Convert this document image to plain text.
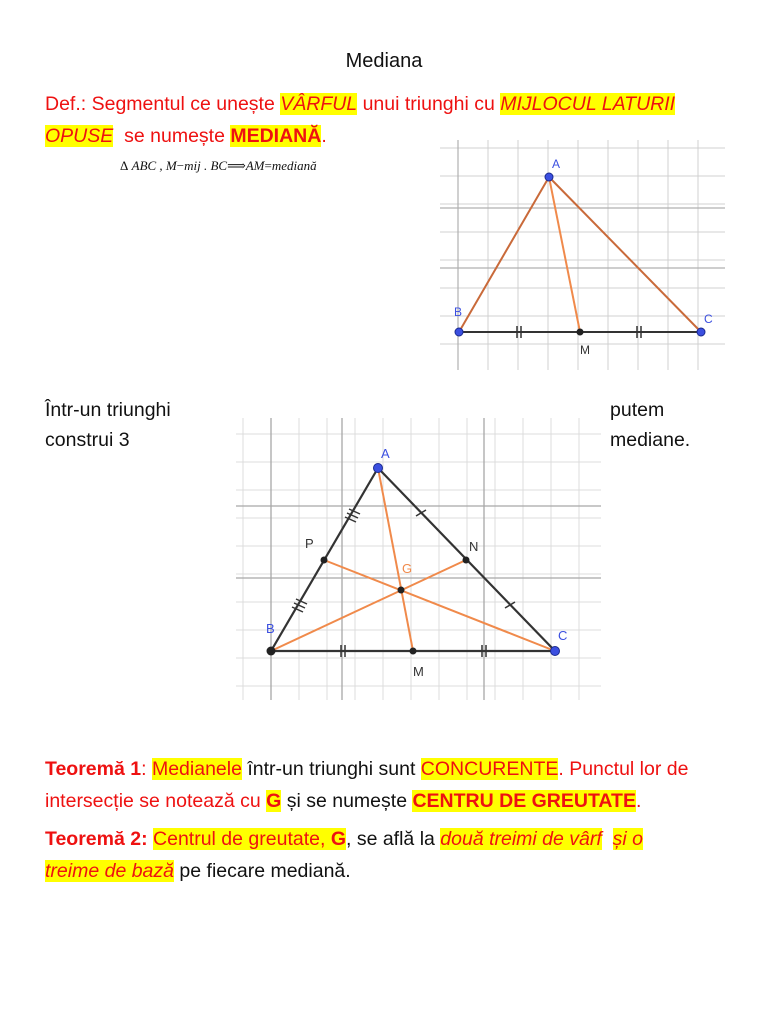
Mediana
Def.: Segmentul ce unește VÂRFUL unui triunghi cu MIJLOCUL LATURII
OPUSE  se numește MEDIANĂ.
Δ ABC , M−mij . BC⟹AM=mediană	A
B	C
M
Într-un triunghi	putem
construi 3	mediane.
A
B	C
M
N
P
G
Teoremă 1: Medianele într-un triunghi sunt CONCURENTE. Punctul lor de
intersecție se notează cu G și se numește CENTRU DE GREUTATE.
Teoremă 2: Centrul de greutate, G, se află la două treimi de vârf și o
treime de bază pe fiecare mediană.
